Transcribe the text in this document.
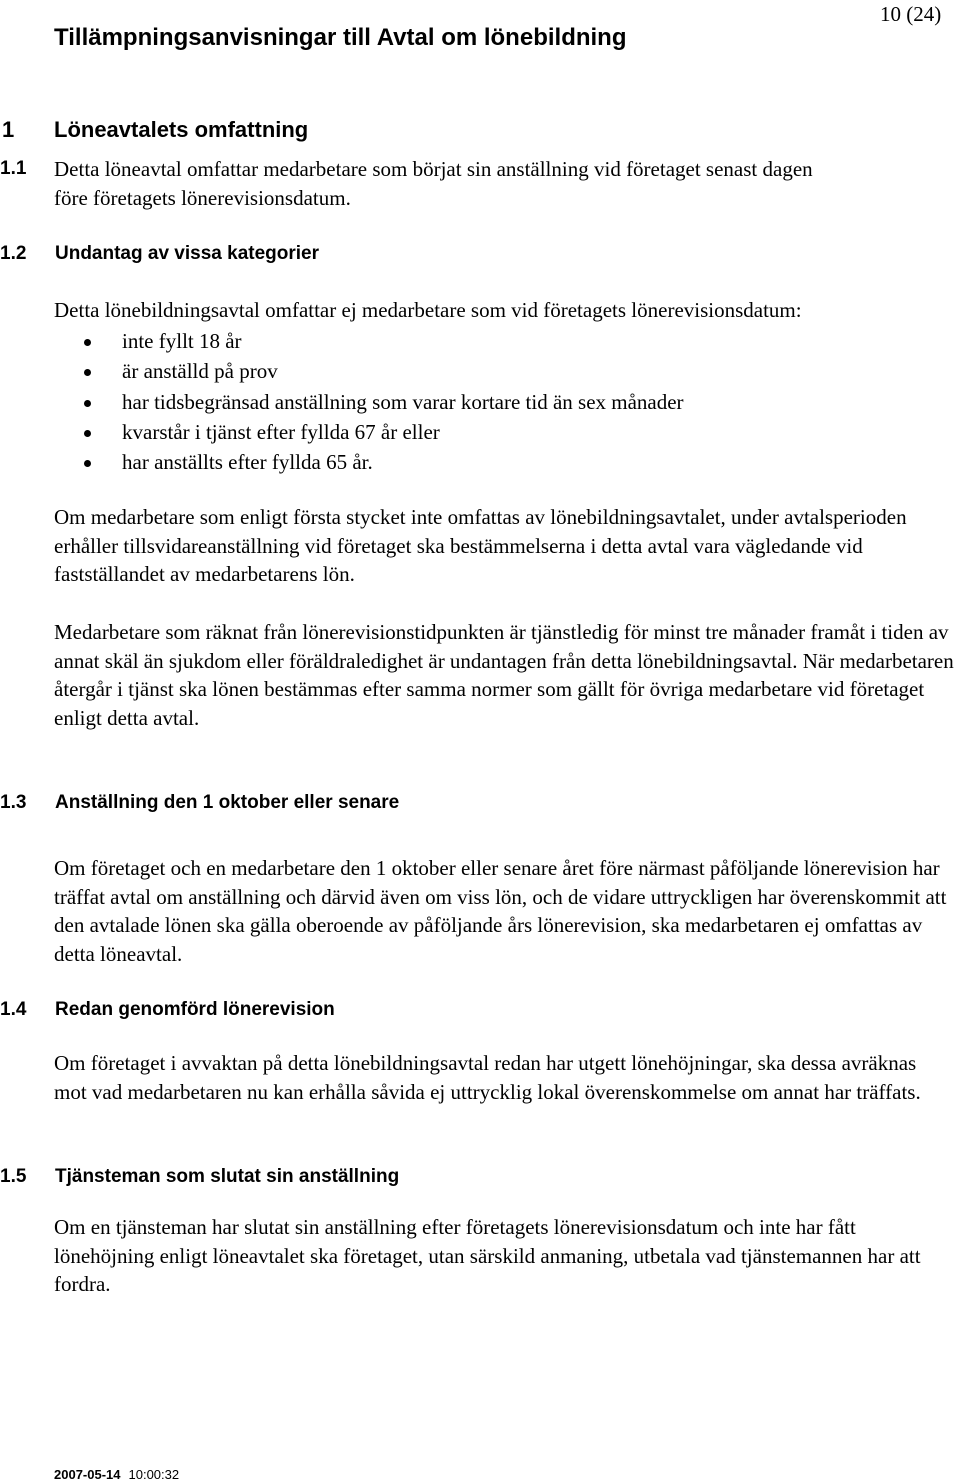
Tillämpningsanvisningar till Avtal om lönebildning
10 (24)
1 Löneavtalets omfattning
1.1 Detta löneavtal omfattar medarbetare som börjat sin anställning vid företaget senast dagen
före företagets lönerevisionsdatum.
1.2 Undantag av vissa kategorier
Detta lönebildningsavtal omfattar ej medarbetare som vid företagets lönerevisionsdatum:
inte fyllt 18 år
är anställd på prov
har tidsbegränsad anställning som varar kortare tid än sex månader
kvarstår i tjänst efter fyllda 67 år eller
har anställts efter fyllda 65 år.
Om medarbetare som enligt första stycket inte omfattas av lönebildningsavtalet, under avtalsperioden erhåller tillsvidareanställning vid företaget ska bestämmelserna i detta avtal vara vägledande vid fastställandet av medarbetarens lön.
Medarbetare som räknat från lönerevisionstidpunkten är tjänstledig för minst tre månader framåt i tiden av annat skäl än sjukdom eller föräldraledighet är undantagen från detta lönebildningsavtal. När medarbetaren återgår i tjänst ska lönen bestämmas efter samma normer som gällt för övriga medarbetare vid företaget enligt detta avtal.
1.3 Anställning den 1 oktober eller senare
Om företaget och en medarbetare den 1 oktober eller senare året före närmast påföljande lönerevision har träffat avtal om anställning och därvid även om viss lön, och de vidare uttryckligen har överenskommit att den avtalade lönen ska gälla oberoende av påföljande års lönerevision, ska medarbetaren ej omfattas av detta löneavtal.
1.4 Redan genomförd lönerevision
Om företaget i avvaktan på detta lönebildningsavtal redan har utgett lönehöjningar, ska dessa avräknas mot vad medarbetaren nu kan erhålla såvida ej uttrycklig lokal överenskommelse om annat har träffats.
1.5 Tjänsteman som slutat sin anställning
Om en tjänsteman har slutat sin anställning efter företagets lönerevisionsdatum och inte har fått lönehöjning enligt löneavtalet ska företaget, utan särskild anmaning, utbetala vad tjänstemannen har att fordra.
2007-05-14 10:00:32
